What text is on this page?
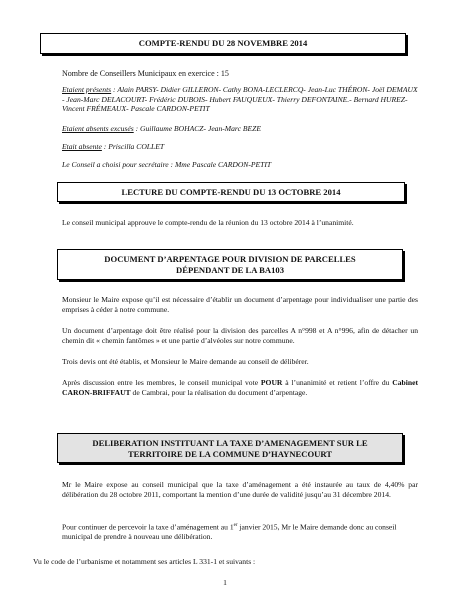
COMPTE-RENDU DU 28 NOVEMBRE 2014
Nombre de Conseillers Municipaux en exercice : 15
Etaient présents : Alain PARSY- Didier GILLERON- Cathy BONA-LECLERCQ- Jean-Luc THÉRON- Joël DEMAUX - Jean-Marc DELACOURT- Frédéric DUBOIS- Hubert FAUQUEUX- Thierry DEFONTAINE.- Bernard HUREZ- Vincent FRÉMEAUX- Pascale CARDON-PETIT
Etaient absents excusés : Guillaume BOHACZ- Jean-Marc BEZE
Etait absente : Priscilla COLLET
Le Conseil a choisi pour secrétaire : Mme Pascale CARDON-PETIT
LECTURE DU COMPTE-RENDU DU 13 OCTOBRE 2014
Le conseil municipal approuve le compte-rendu de la réunion du 13 octobre 2014 à l’unanimité.
DOCUMENT D’ARPENTAGE POUR DIVISION DE PARCELLES
DÉPENDANT DE LA BA103
Monsieur le Maire expose qu’il est nécessaire d’établir un document d’arpentage pour individualiser une partie des emprises à céder à notre commune.
Un document d’arpentage doit être réalisé pour la division des parcelles A n°998 et A n°996, afin de détacher un chemin dit « chemin fantômes » et une partie d’alvéoles sur notre commune.
Trois devis ont été établis, et Monsieur le Maire demande au conseil de délibérer.
Après discussion entre les membres, le conseil municipal vote POUR à l’unanimité et retient l’offre du Cabinet CARON-BRIFFAUT de Cambrai, pour la réalisation du document d’arpentage.
DELIBERATION INSTITUANT LA TAXE D’AMENAGEMENT SUR LE
TERRITOIRE DE LA COMMUNE D’HAYNECOURT
Mr le Maire expose au conseil municipal que la taxe d’aménagement a été instaurée au taux de 4,40% par délibération du 28 octobre 2011, comportant la mention d’une durée de validité jusqu’au 31 décembre 2014.
Pour continuer de percevoir la taxe d’aménagement au 1er janvier 2015, Mr le Maire demande donc au conseil municipal de prendre à nouveau une délibération.
Vu le code de l’urbanisme et notamment ses articles L 331-1 et suivants :
1
